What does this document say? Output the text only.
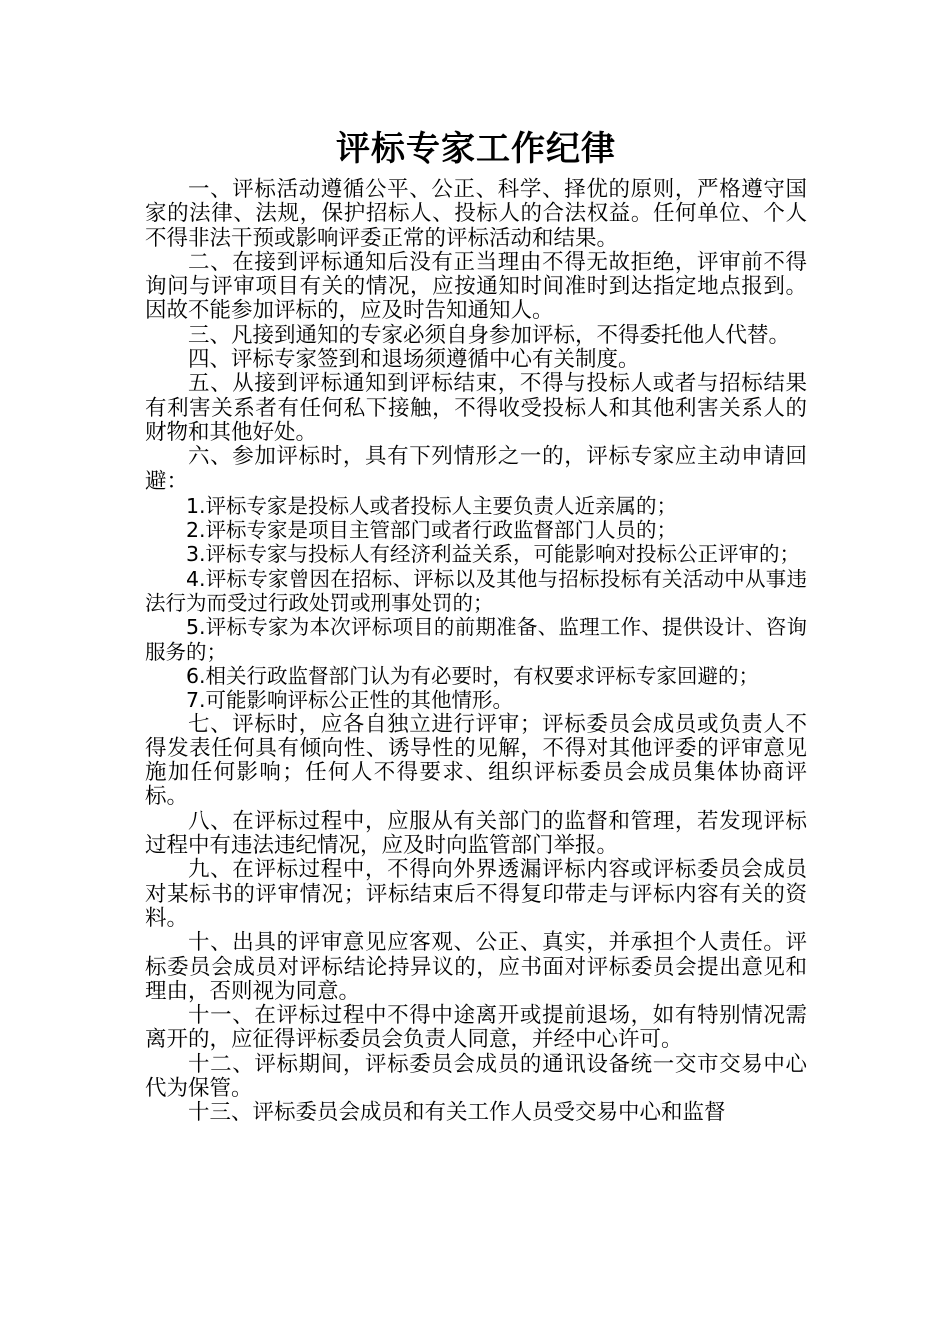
评标专家工作纪律

一、评标活动遵循公平、公正、科学、择优的原则，严格遵守国家的法律、法规，保护招标人、投标人的合法权益。任何单位、个人不得非法干预或影响评委正常的评标活动和结果。

二、在接到评标通知后没有正当理由不得无故拒绝，评审前不得询问与评审项目有关的情况，应按通知时间准时到达指定地点报到。因故不能参加评标的，应及时告知通知人。

三、凡接到通知的专家必须自身参加评标，不得委托他人代替。

四、评标专家签到和退场须遵循中心有关制度。

五、从接到评标通知到评标结束，不得与投标人或者与招标结果有利害关系者有任何私下接触，不得收受投标人和其他利害关系人的财物和其他好处。

六、参加评标时，具有下列情形之一的，评标专家应主动申请回避：

1.评标专家是投标人或者投标人主要负责人近亲属的；

2.评标专家是项目主管部门或者行政监督部门人员的；

3.评标专家与投标人有经济利益关系，可能影响对投标公正评审的；

4.评标专家曾因在招标、评标以及其他与招标投标有关活动中从事违法行为而受过行政处罚或刑事处罚的；

5.评标专家为本次评标项目的前期准备、监理工作、提供设计、咨询服务的；

6.相关行政监督部门认为有必要时，有权要求评标专家回避的；

7.可能影响评标公正性的其他情形。

七、评标时，应各自独立进行评审；评标委员会成员或负责人不得发表任何具有倾向性、诱导性的见解，不得对其他评委的评审意见施加任何影响；任何人不得要求、组织评标委员会成员集体协商评标。

八、在评标过程中，应服从有关部门的监督和管理，若发现评标过程中有违法违纪情况，应及时向监管部门举报。

九、在评标过程中，不得向外界透漏评标内容或评标委员会成员对某标书的评审情况；评标结束后不得复印带走与评标内容有关的资料。

十、出具的评审意见应客观、公正、真实，并承担个人责任。评标委员会成员对评标结论持异议的，应书面对评标委员会提出意见和理由，否则视为同意。

十一、在评标过程中不得中途离开或提前退场，如有特别情况需离开的，应征得评标委员会负责人同意，并经中心许可。

十二、评标期间，评标委员会成员的通讯设备统一交市交易中心代为保管。

十三、评标委员会成员和有关工作人员受交易中心和监督
